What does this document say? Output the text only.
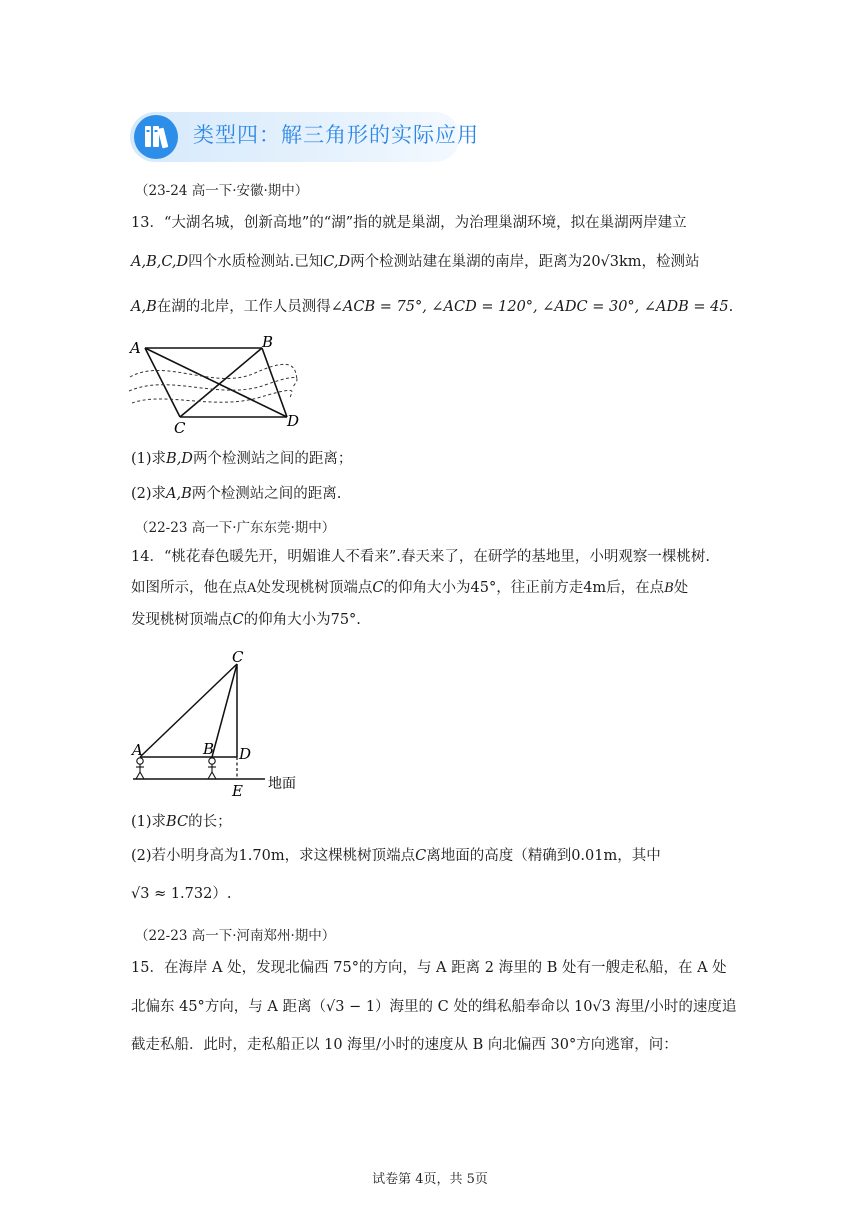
类型四：解三角形的实际应用
（23-24 高一下·安徽·期中）
13．“大湖名城，创新高地”的“湖”指的就是巢湖，为治理巢湖环境，拟在巢湖两岸建立
A,B,C,D四个水质检测站.已知C,D两个检测站建在巢湖的南岸，距离为20√3km，检测站
A,B在湖的北岸，工作人员测得∠ACB = 75°, ∠ACD = 120°, ∠ADC = 30°, ∠ADB = 45.
A	B
C	D
(1)求B,D两个检测站之间的距离；
(2)求A,B两个检测站之间的距离.
（22-23 高一下·广东东莞·期中）
14．“桃花春色暖先开，明媚谁人不看来”.春天来了，在研学的基地里，小明观察一棵桃树.
如图所示，他在点A处发现桃树顶端点C的仰角大小为45°，往正前方走4m后，在点B处
发现桃树顶端点C的仰角大小为75°.
C
A	B D
E 地面
(1)求BC的长；
(2)若小明身高为1.70m，求这棵桃树顶端点C离地面的高度（精确到0.01m，其中
√3 ≈ 1.732）.
（22-23 高一下·河南郑州·期中）
15．在海岸 A 处，发现北偏西 75°的方向，与 A 距离 2 海里的 B 处有一艘走私船，在 A 处
北偏东 45°方向，与 A 距离（√3 − 1）海里的 C 处的缉私船奉命以 10√3 海里/小时的速度追
截走私船．此时，走私船正以 10 海里/小时的速度从 B 向北偏西 30°方向逃窜，问：
试卷第 4页，共 5页
